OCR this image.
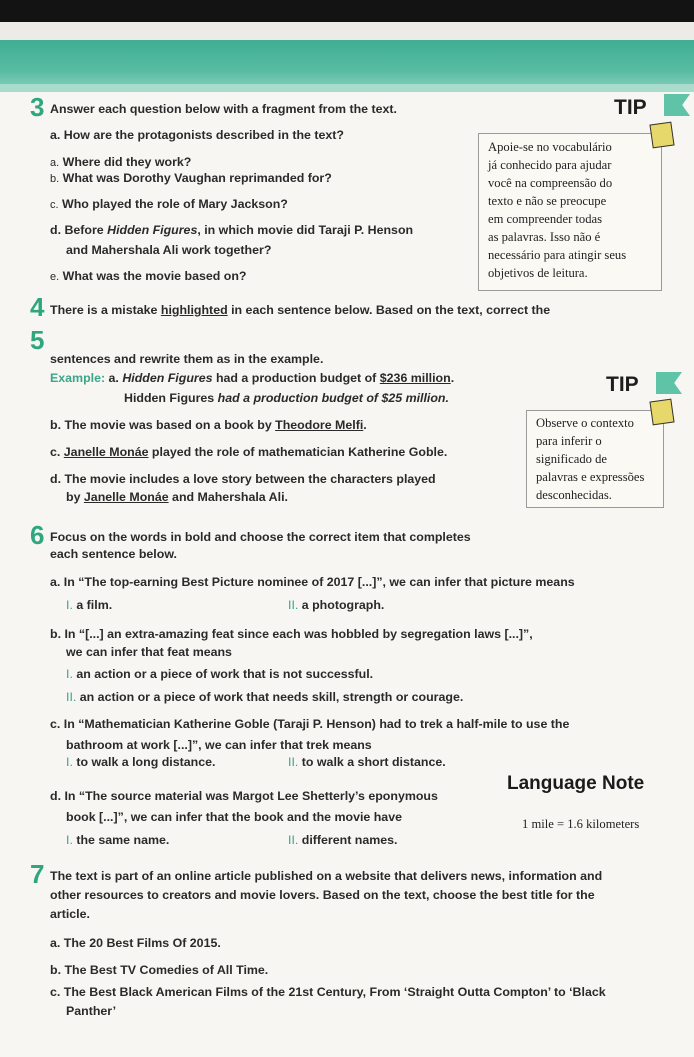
3 Answer each question below with a fragment from the text.
a. How are the protagonists described in the text?
a. Where did they work?
b. What was Dorothy Vaughan reprimanded for?
c. Who played the role of Mary Jackson?
d. Before Hidden Figures, in which movie did Taraji P. Henson
and Mahershala Ali work together?
e. What was the movie based on?
TIP
Apoie-se no vocabulário
já conhecido para ajudar
você na compreensão do
texto e não se preocupe
em compreender todas
as palavras. Isso não é
necessário para atingir seus
objetivos de leitura.
4 There is a mistake highlighted in each sentence below. Based on the text, correct the
5
sentences and rewrite them as in the example.
Example: a. Hidden Figures had a production budget of $236 million.
Hidden Figures had a production budget of $25 million.
b. The movie was based on a book by Theodore Melfi.
c. Janelle Monáe played the role of mathematician Katherine Goble.
d. The movie includes a love story between the characters played
by Janelle Monáe and Mahershala Ali.
TIP
Observe o contexto
para inferir o
significado de
palavras e expressões
desconhecidas.
6 Focus on the words in bold and choose the correct item that completes
each sentence below.
a. In “The top-earning Best Picture nominee of 2017 [...]”, we can infer that picture means
I. a film.	II. a photograph.
b. In “[...] an extra-amazing feat since each was hobbled by segregation laws [...]”,
we can infer that feat means
I. an action or a piece of work that is not successful.
II. an action or a piece of work that needs skill, strength or courage.
c. In “Mathematician Katherine Goble (Taraji P. Henson) had to trek a half-mile to use the
bathroom at work [...]”, we can infer that trek means
I. to walk a long distance.	II. to walk a short distance.
d. In “The source material was Margot Lee Shetterly’s eponymous
book [...]”, we can infer that the book and the movie have
I. the same name.	II. different names.
Language Note
1 mile = 1.6 kilometers
7 The text is part of an online article published on a website that delivers news, information and
other resources to creators and movie lovers. Based on the text, choose the best title for the
article.
a. The 20 Best Films Of 2015.
b. The Best TV Comedies of All Time.
c. The Best Black American Films of the 21st Century, From ‘Straight Outta Compton’ to ‘Black
Panther’
